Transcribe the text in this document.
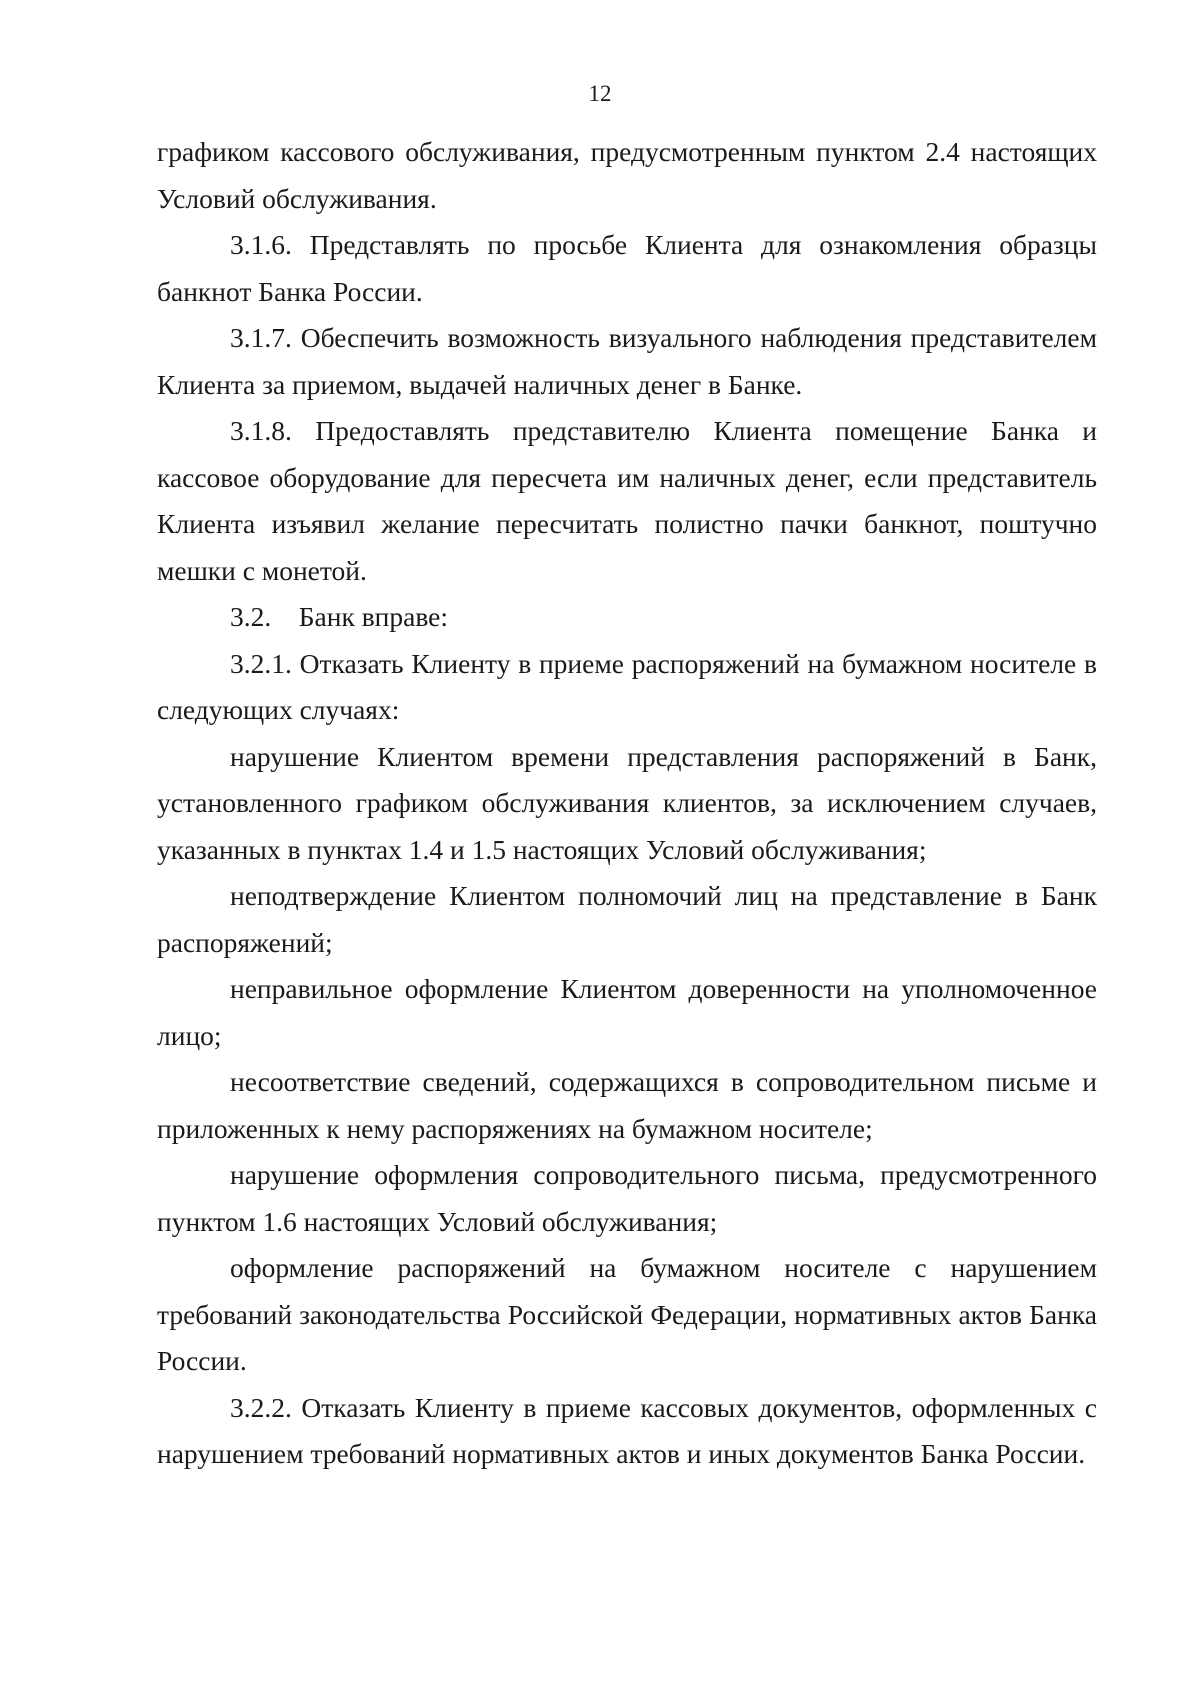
12

графиком кассового обслуживания, предусмотренным пунктом 2.4 настоящих Условий обслуживания.

3.1.6. Представлять по просьбе Клиента для ознакомления образцы банкнот Банка России.

3.1.7. Обеспечить возможность визуального наблюдения представителем Клиента за приемом, выдачей наличных денег в Банке.

3.1.8. Предоставлять представителю Клиента помещение Банка и кассовое оборудование для пересчета им наличных денег, если представитель Клиента изъявил желание пересчитать полистно пачки банкнот, поштучно мешки с монетой.

3.2.    Банк вправе:

3.2.1. Отказать Клиенту в приеме распоряжений на бумажном носителе в следующих случаях:

нарушение Клиентом времени представления распоряжений в Банк, установленного графиком обслуживания клиентов, за исключением случаев, указанных в пунктах 1.4 и 1.5 настоящих Условий обслуживания;

неподтверждение Клиентом полномочий лиц на представление в Банк распоряжений;

неправильное оформление Клиентом доверенности на уполномоченное лицо;

несоответствие сведений, содержащихся в сопроводительном письме и приложенных к нему распоряжениях на бумажном носителе;

нарушение оформления сопроводительного письма, предусмотренного пунктом 1.6 настоящих Условий обслуживания;

оформление распоряжений на бумажном носителе с нарушением требований законодательства Российской Федерации, нормативных актов Банка России.

3.2.2. Отказать Клиенту в приеме кассовых документов, оформленных с нарушением требований нормативных актов и иных документов Банка России.
